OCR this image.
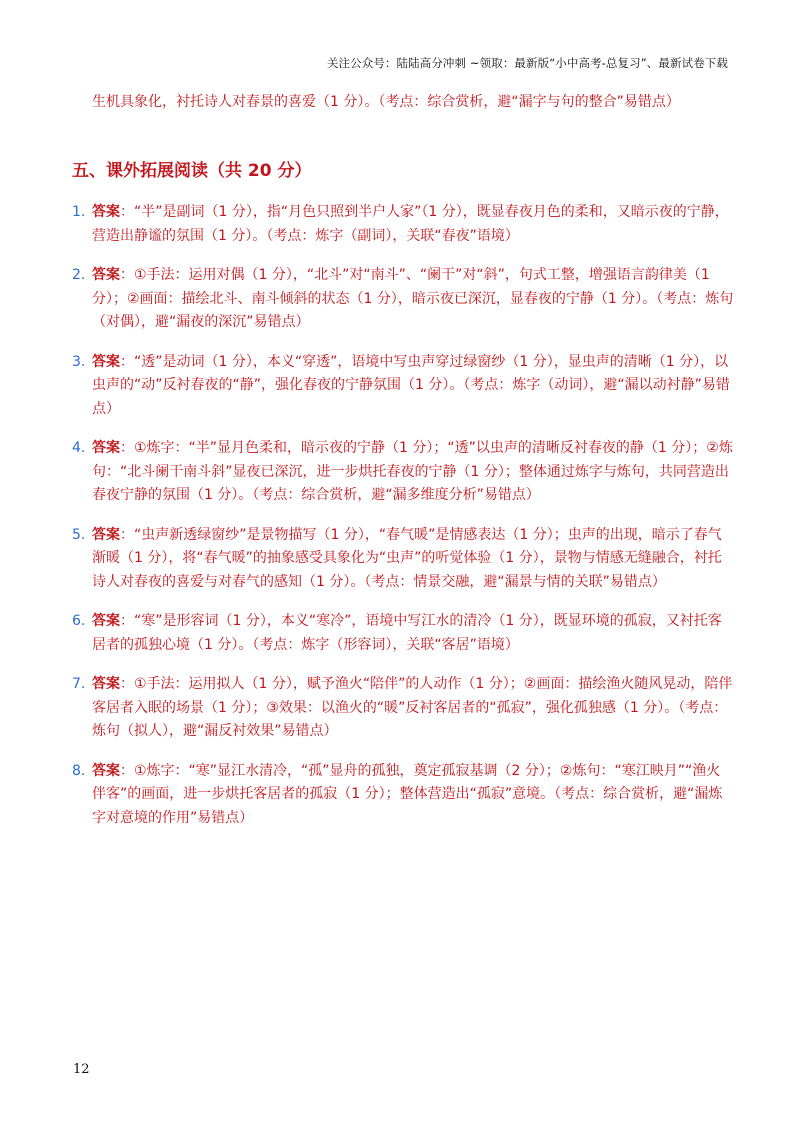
关注公众号：陆陆高分冲刺 ~领取：最新版“小中高考-总复习”、最新试卷下载

生机具象化，衬托诗人对春景的喜爱（1 分）。（考点：综合赏析，避“漏字与句的整合”易错点）

五、课外拓展阅读（共 20 分）
1. 答案：“半”是副词（1 分），指“月色只照到半户人家”（1 分），既显春夜月色的柔和，又暗示夜的宁静，营造出静谧的氛围（1 分）。（考点：炼字（副词），关联“春夜”语境）
2. 答案：①手法：运用对偶（1 分），“北斗”对“南斗”、“阑干”对“斜”，句式工整，增强语言韵律美（1 分）；②画面：描绘北斗、南斗倾斜的状态（1 分），暗示夜已深沉，显春夜的宁静（1 分）。（考点：炼句（对偶），避“漏夜的深沉”易错点）
3. 答案：“透”是动词（1 分），本义“穿透”，语境中写虫声穿过绿窗纱（1 分），显虫声的清晰（1 分），以虫声的“动”反衬春夜的“静”，强化春夜的宁静氛围（1 分）。（考点：炼字（动词），避“漏以动衬静”易错点）
4. 答案：①炼字：“半”显月色柔和，暗示夜的宁静（1 分）；“透”以虫声的清晰反衬春夜的静（1 分）；②炼句：“北斗阑干南斗斜”显夜已深沉，进一步烘托春夜的宁静（1 分）；整体通过炼字与炼句，共同营造出春夜宁静的氛围（1 分）。（考点：综合赏析，避“漏多维度分析”易错点）
5. 答案：“虫声新透绿窗纱”是景物描写（1 分），“春气暖”是情感表达（1 分）；虫声的出现，暗示了春气渐暖（1 分），将“春气暖”的抽象感受具象化为“虫声”的听觉体验（1 分），景物与情感无缝融合，衬托诗人对春夜的喜爱与对春气的感知（1 分）。（考点：情景交融，避“漏景与情的关联”易错点）
6. 答案：“寒”是形容词（1 分），本义“寒冷”，语境中写江水的清冷（1 分），既显环境的孤寂，又衬托客居者的孤独心境（1 分）。（考点：炼字（形容词），关联“客居”语境）
7. 答案：①手法：运用拟人（1 分），赋予渔火“陪伴”的人动作（1 分）；②画面：描绘渔火随风晃动，陪伴客居者入眠的场景（1 分）；③效果：以渔火的“暖”反衬客居者的“孤寂”，强化孤独感（1 分）。（考点：炼句（拟人），避“漏反衬效果”易错点）
8. 答案：①炼字：“寒”显江水清冷，“孤”显舟的孤独，奠定孤寂基调（2 分）；②炼句：“寒江映月”“渔火伴客”的画面，进一步烘托客居者的孤寂（1 分）；整体营造出“孤寂”意境。（考点：综合赏析，避“漏炼字对意境的作用”易错点）
12
